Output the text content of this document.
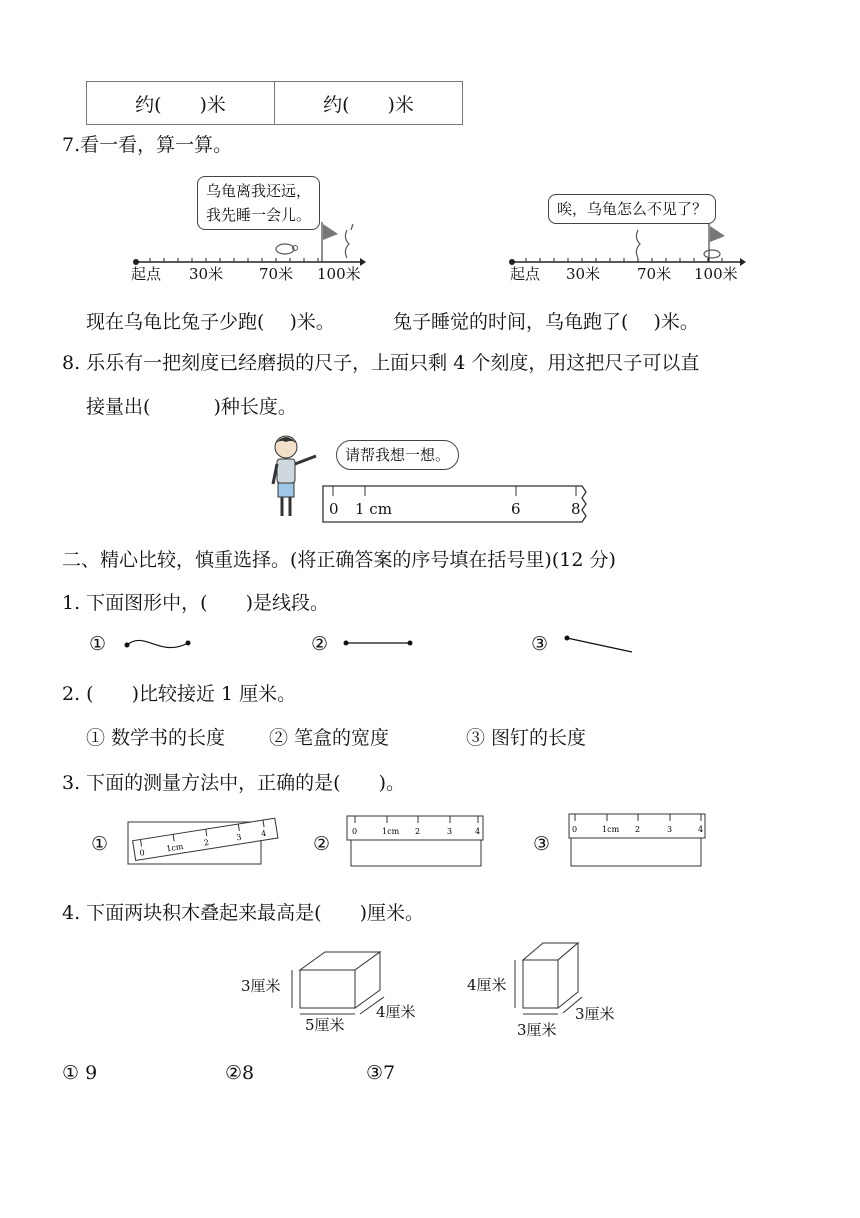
约(　　)米	约(　　)米
7.看一看，算一算。
乌龟离我还远，
我先睡一会儿。	唉，乌龟怎么不见了？
起点 30米 70米 100米	起点 30米 70米 100米
现在乌龟比兔子少跑(　 )米。	兔子睡觉的时间，乌龟跑了(　 )米。
8. 乐乐有一把刻度已经磨损的尺子，上面只剩 4 个刻度，用这把尺子可以直
接量出(　　　 )种长度。
请帮我想一想。
0 1 cm	6	8
二、精心比较，慎重选择。(将正确答案的序号填在括号里)(12 分)
1. 下面图形中，(　　)是线段。
①	②	③
2. (　　)比较接近 1 厘米。
① 数学书的长度 ② 笔盒的宽度	③ 图钉的长度
3. 下面的测量方法中，正确的是(　　)。
①	②	③
0	1cm 2
3 4	0	1cm 2	3	4	0	1cm 2	3	4
4. 下面两块积木叠起来最高是(　　)厘米。
3厘米
5厘米
4厘米
4厘米
3厘米
3厘米
① 9	②8	③7
